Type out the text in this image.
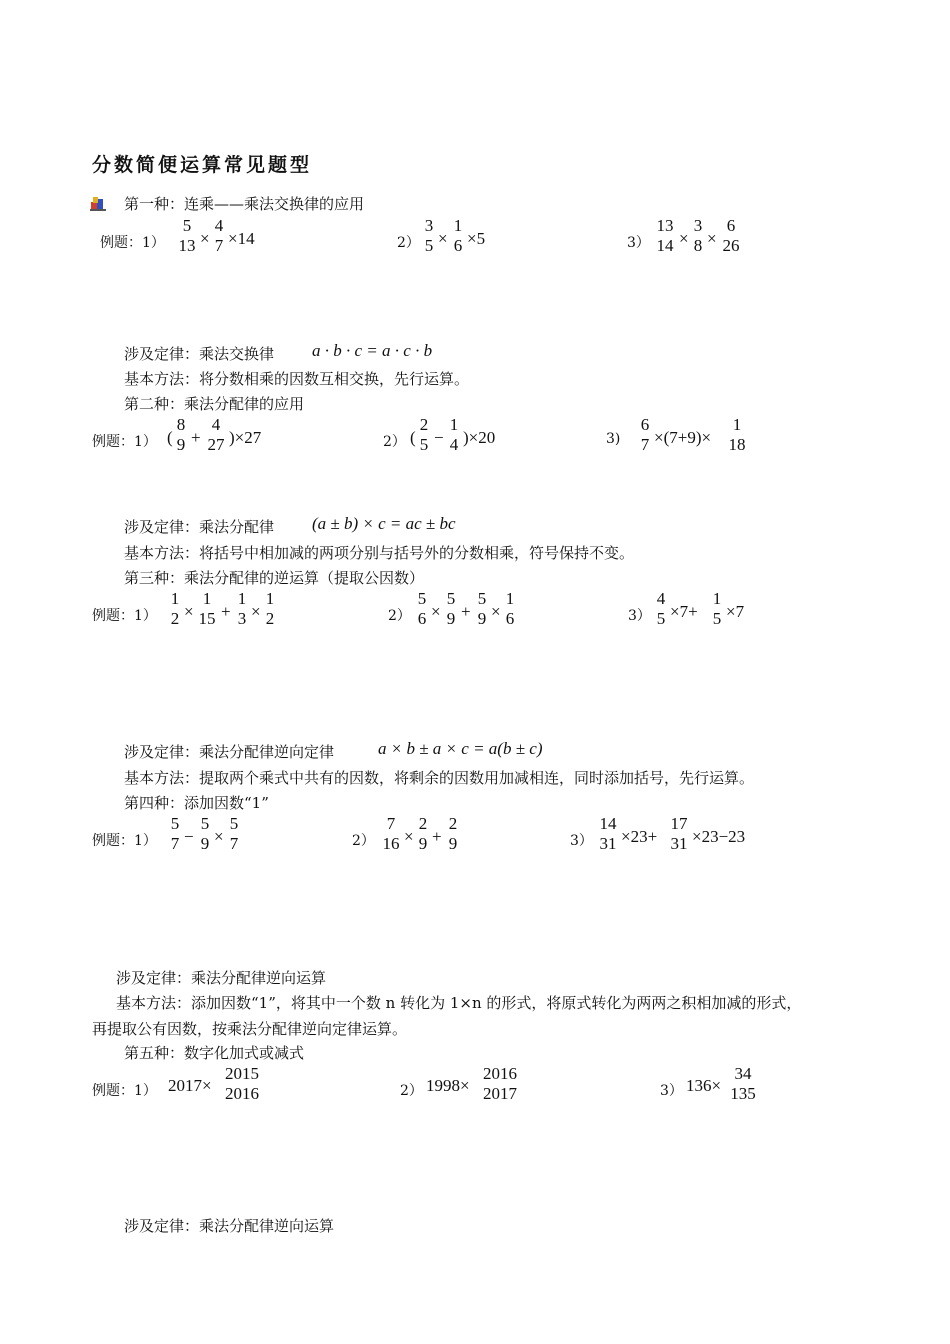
分数简便运算常见题型
第一种：连乘——乘法交换律的应用
例题：1）
5
13 ×
4
7 ×14	2）
3
5 ×
1
6 ×5	3）
13
14 ×
3
8 ×
6
26
涉及定律：乘法交换律 a · b · c = a · c · b
基本方法：将分数相乘的因数互相交换，先行运算。
第二种：乘法分配律的应用
例题：1） (
8
9 +
4
27 )×27	2） (
2
5 −
1
4 )×20	3)
6
7 ×(7+9)×
1
18
涉及定律：乘法分配律 (a ± b) × c = ac ± bc
基本方法：将括号中相加减的两项分别与括号外的分数相乘，符号保持不变。
第三种：乘法分配律的逆运算（提取公因数）
例题：1）
1
2 ×
1
15 +
1
3 ×
1
2	2）
5
6 ×
5
9 +
5
9 ×
1
6	3）
4
5 ×7+
1
5 ×7
涉及定律：乘法分配律逆向定律	a × b ± a × c = a(b ± c)
基本方法：提取两个乘式中共有的因数，将剩余的因数用加减相连，同时添加括号，先行运算。
第四种：添加因数“1”
例题：1）
5
7 −
5
9 ×
5
7	2）
7
16 ×
2
9 +
2
9	3）
14
31 ×23+
17
31 ×23−23
涉及定律：乘法分配律逆向运算
基本方法：添加因数“1”，将其中一个数 n 转化为 1×n 的形式，将原式转化为两两之积相加减的形式，
再提取公有因数，按乘法分配律逆向定律运算。
第五种：数字化加式或减式
例题：1） 2017×
2015
2016	2） 1998×
2016
2017	3） 136×
34
135
涉及定律：乘法分配律逆向运算
